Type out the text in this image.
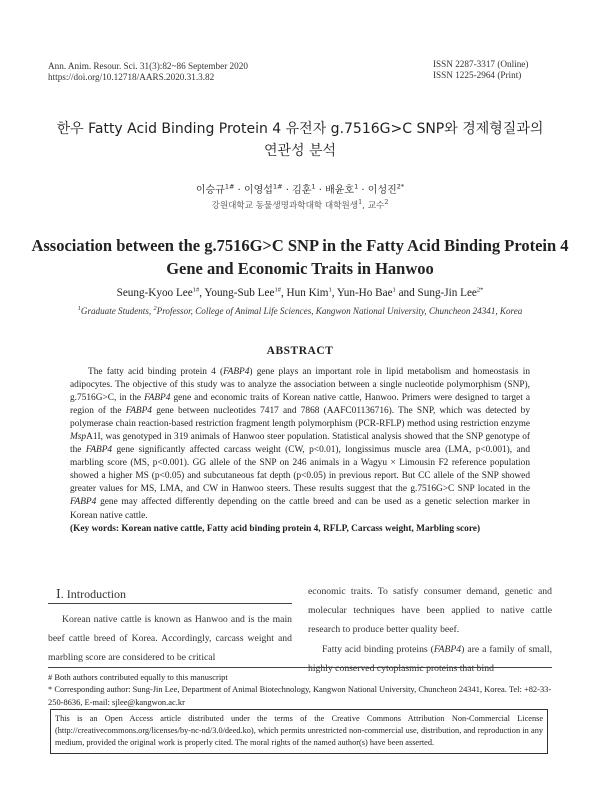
Ann. Anim. Resour. Sci. 31(3):82~86 September 2020
https://doi.org/10.12718/AARS.2020.31.3.82
ISSN 2287-3317 (Online)
ISSN 1225-2964 (Print)
한우 Fatty Acid Binding Protein 4 유전자 g.7516G>C SNP와 경제형질과의
연관성 분석
이승규$^{1\#}$ · 이영섭$^{1\#}$ · 김훈$^1$ · 배윤호$^1$ · 이성진$^{2*}$
강원대학교 동물생명과학대학 대학원생$^1$, 교수$^2$
Association between the g.7516G>C SNP in the Fatty Acid Binding Protein 4
Gene and Economic Traits in Hanwoo
Seung-Kyoo Lee$^{1\#}$, Young-Sub Lee$^{1\#}$, Hun Kim$^1$, Yun-Ho Bae$^1$ and Sung-Jin Lee$^{2*}$
$^1$Graduate Students, $^2$Professor, College of Animal Life Sciences, Kangwon National University, Chuncheon 24341, Korea
ABSTRACT

The fatty acid binding protein 4 (FABP4) gene plays an important role in lipid metabolism and homeostasis in adipocytes. The objective of this study was to analyze the association between a single nucleotide polymorphism (SNP), g.7516G>C, in the FABP4 gene and economic traits of Korean native cattle, Hanwoo. Primers were designed to target a region of the FABP4 gene between nucleotides 7417 and 7868 (AAFC01136716). The SNP, which was detected by polymerase chain reaction-based restriction fragment length polymorphism (PCR-RFLP) method using restriction enzyme MspA1I, was genotyped in 319 animals of Hanwoo steer population. Statistical analysis showed that the SNP genotype of the FABP4 gene significantly affected carcass weight (CW, p<0.01), longissimus muscle area (LMA, p<0.001), and marbling score (MS, p<0.001). GG allele of the SNP on 246 animals in a Wagyu × Limousin F2 reference population showed a higher MS (p<0.05) and subcutaneous fat depth (p<0.05) in previous report. But CC allele of the SNP showed greater values for MS, LMA, and CW in Hanwoo steers. These results suggest that the g.7516G>C SNP located in the FABP4 gene may affected differently depending on the cattle breed and can be used as a genetic selection marker in Korean native cattle.

(Key words: Korean native cattle, Fatty acid binding protein 4, RFLP, Carcass weight, Marbling score)
Ⅰ. Introduction

Korean native cattle is known as Hanwoo and is the main beef cattle breed of Korea. Accordingly, carcass weight and marbling score are considered to be critical

economic traits. To satisfy consumer demand, genetic and molecular techniques have been applied to native cattle research to produce better quality beef.

Fatty acid binding proteins (FABP4) are a family of small, highly conserved cytoplasmic proteins that bind

# Both authors contributed equally to this manuscript
* Corresponding author: Sung-Jin Lee, Department of Animal Biotechnology, Kangwon National University, Chuncheon 24341, Korea. Tel: +82-33-250-8636, E-mail: sjlee@kangwon.ac.kr
This is an Open Access article distributed under the terms of the Creative Commons Attribution Non-Commercial License (http://creativecommons.org/licenses/by-nc-nd/3.0/deed.ko), which permits unrestricted non-commercial use, distribution, and reproduction in any medium, provided the original work is properly cited. The moral rights of the named author(s) have been asserted.
